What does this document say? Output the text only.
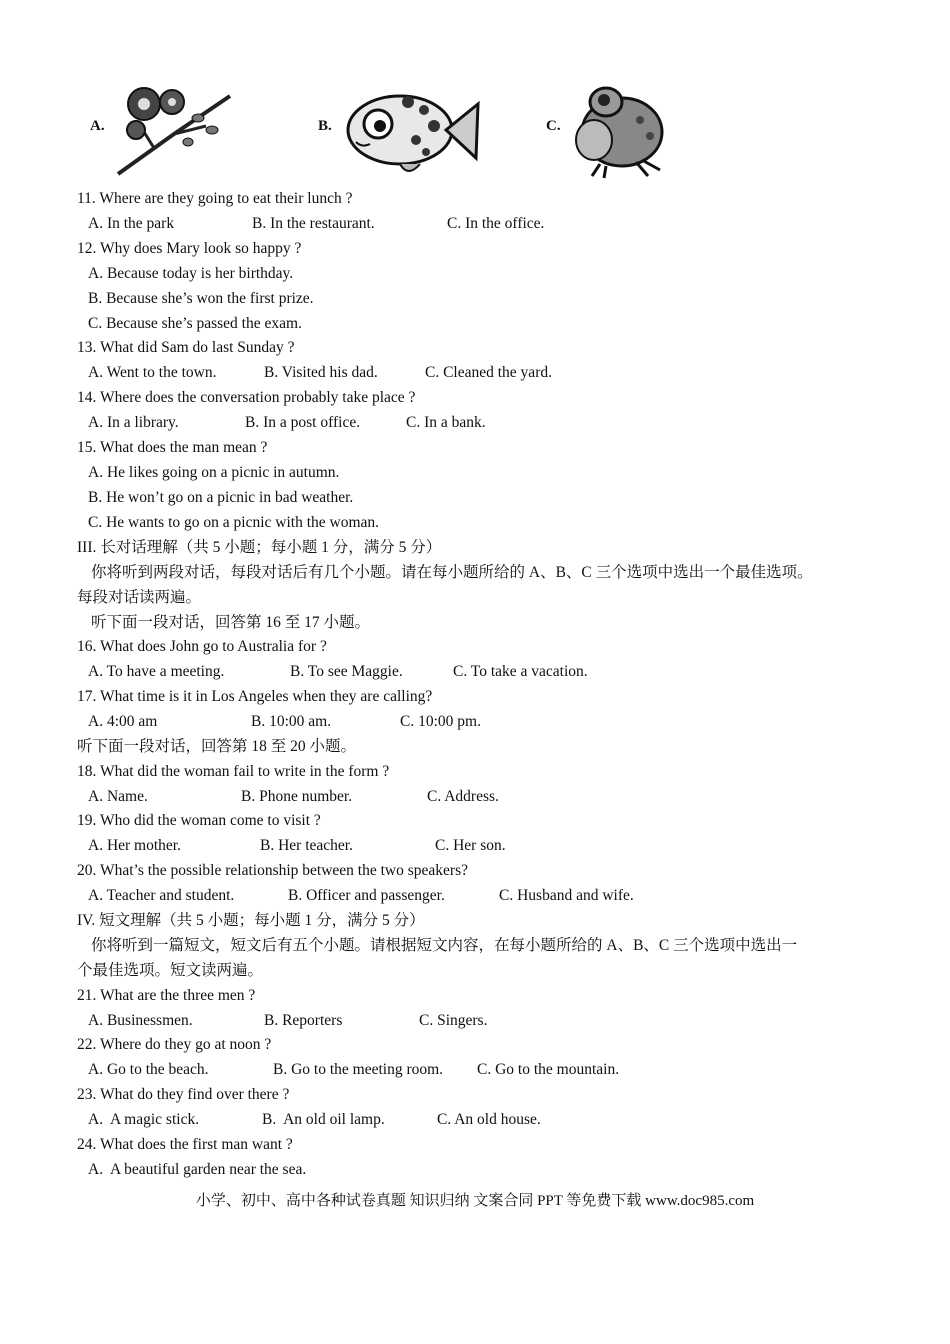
A.	B.	C.
11. Where are they going to eat their lunch ?

A. In the park

	B. In the restaurant.

	C. In the office.

12. Why does Mary look so happy ?
A. Because today is her birthday.
B. Because she’s won the first prize.
C. Because she’s passed the exam.
13. What did Sam do last Sunday ?

A. Went to the town.

	B. Visited his dad.

	C. Cleaned the yard.

14. Where does the conversation probably take place ?

A. In a library.

	B. In a post office.

	C. In a bank.

15. What does the man mean ?
A. He likes going on a picnic in autumn.
B. He won’t go on a picnic in bad weather.
C. He wants to go on a picnic with the woman.
III. 长对话理解（共 5 小题；每小题 1 分，满分 5 分）
你将听到两段对话，每段对话后有几个小题。请在每小题所给的 A、B、C 三个选项中选出一个最佳选项。
每段对话读两遍。
听下面一段对话，回答第 16 至 17 小题。
16. What does John go to Australia for ?

A. To have a meeting.

	B. To see Maggie.

	C. To take a vacation.

17. What time is it in Los Angeles when they are calling?

A. 4:00 am

	B. 10:00 am.

	C. 10:00 pm.

听下面一段对话，回答第 18 至 20 小题。
18. What did the woman fail to write in the form ?

A. Name.

	B. Phone number.

	C. Address.

19. Who did the woman come to visit ?

A. Her mother.

	B. Her teacher.

	C. Her son.

20. What’s the possible relationship between the two speakers?

A. Teacher and student.

	B. Officer and passenger.

	C. Husband and wife.

IV. 短文理解（共 5 小题；每小题 1 分，满分 5 分）
你将听到一篇短文，短文后有五个小题。请根据短文内容，在每小题所给的 A、B、C 三个选项中选出一
个最佳选项。短文读两遍。
21. What are the three men ?

A. Businessmen.

	B. Reporters

	C. Singers.

22. Where do they go at noon ?

A. Go to the beach.

	B. Go to the meeting room.

C. Go to the mountain.

23. What do they find over there ?

A.  A magic stick.

	B.  An old oil lamp.

	C. An old house.

24. What does the first man want ?
A.  A beautiful garden near the sea.
小学、初中、高中各种试卷真题 知识归纳 文案合同 PPT 等免费下载 www.doc985.com
